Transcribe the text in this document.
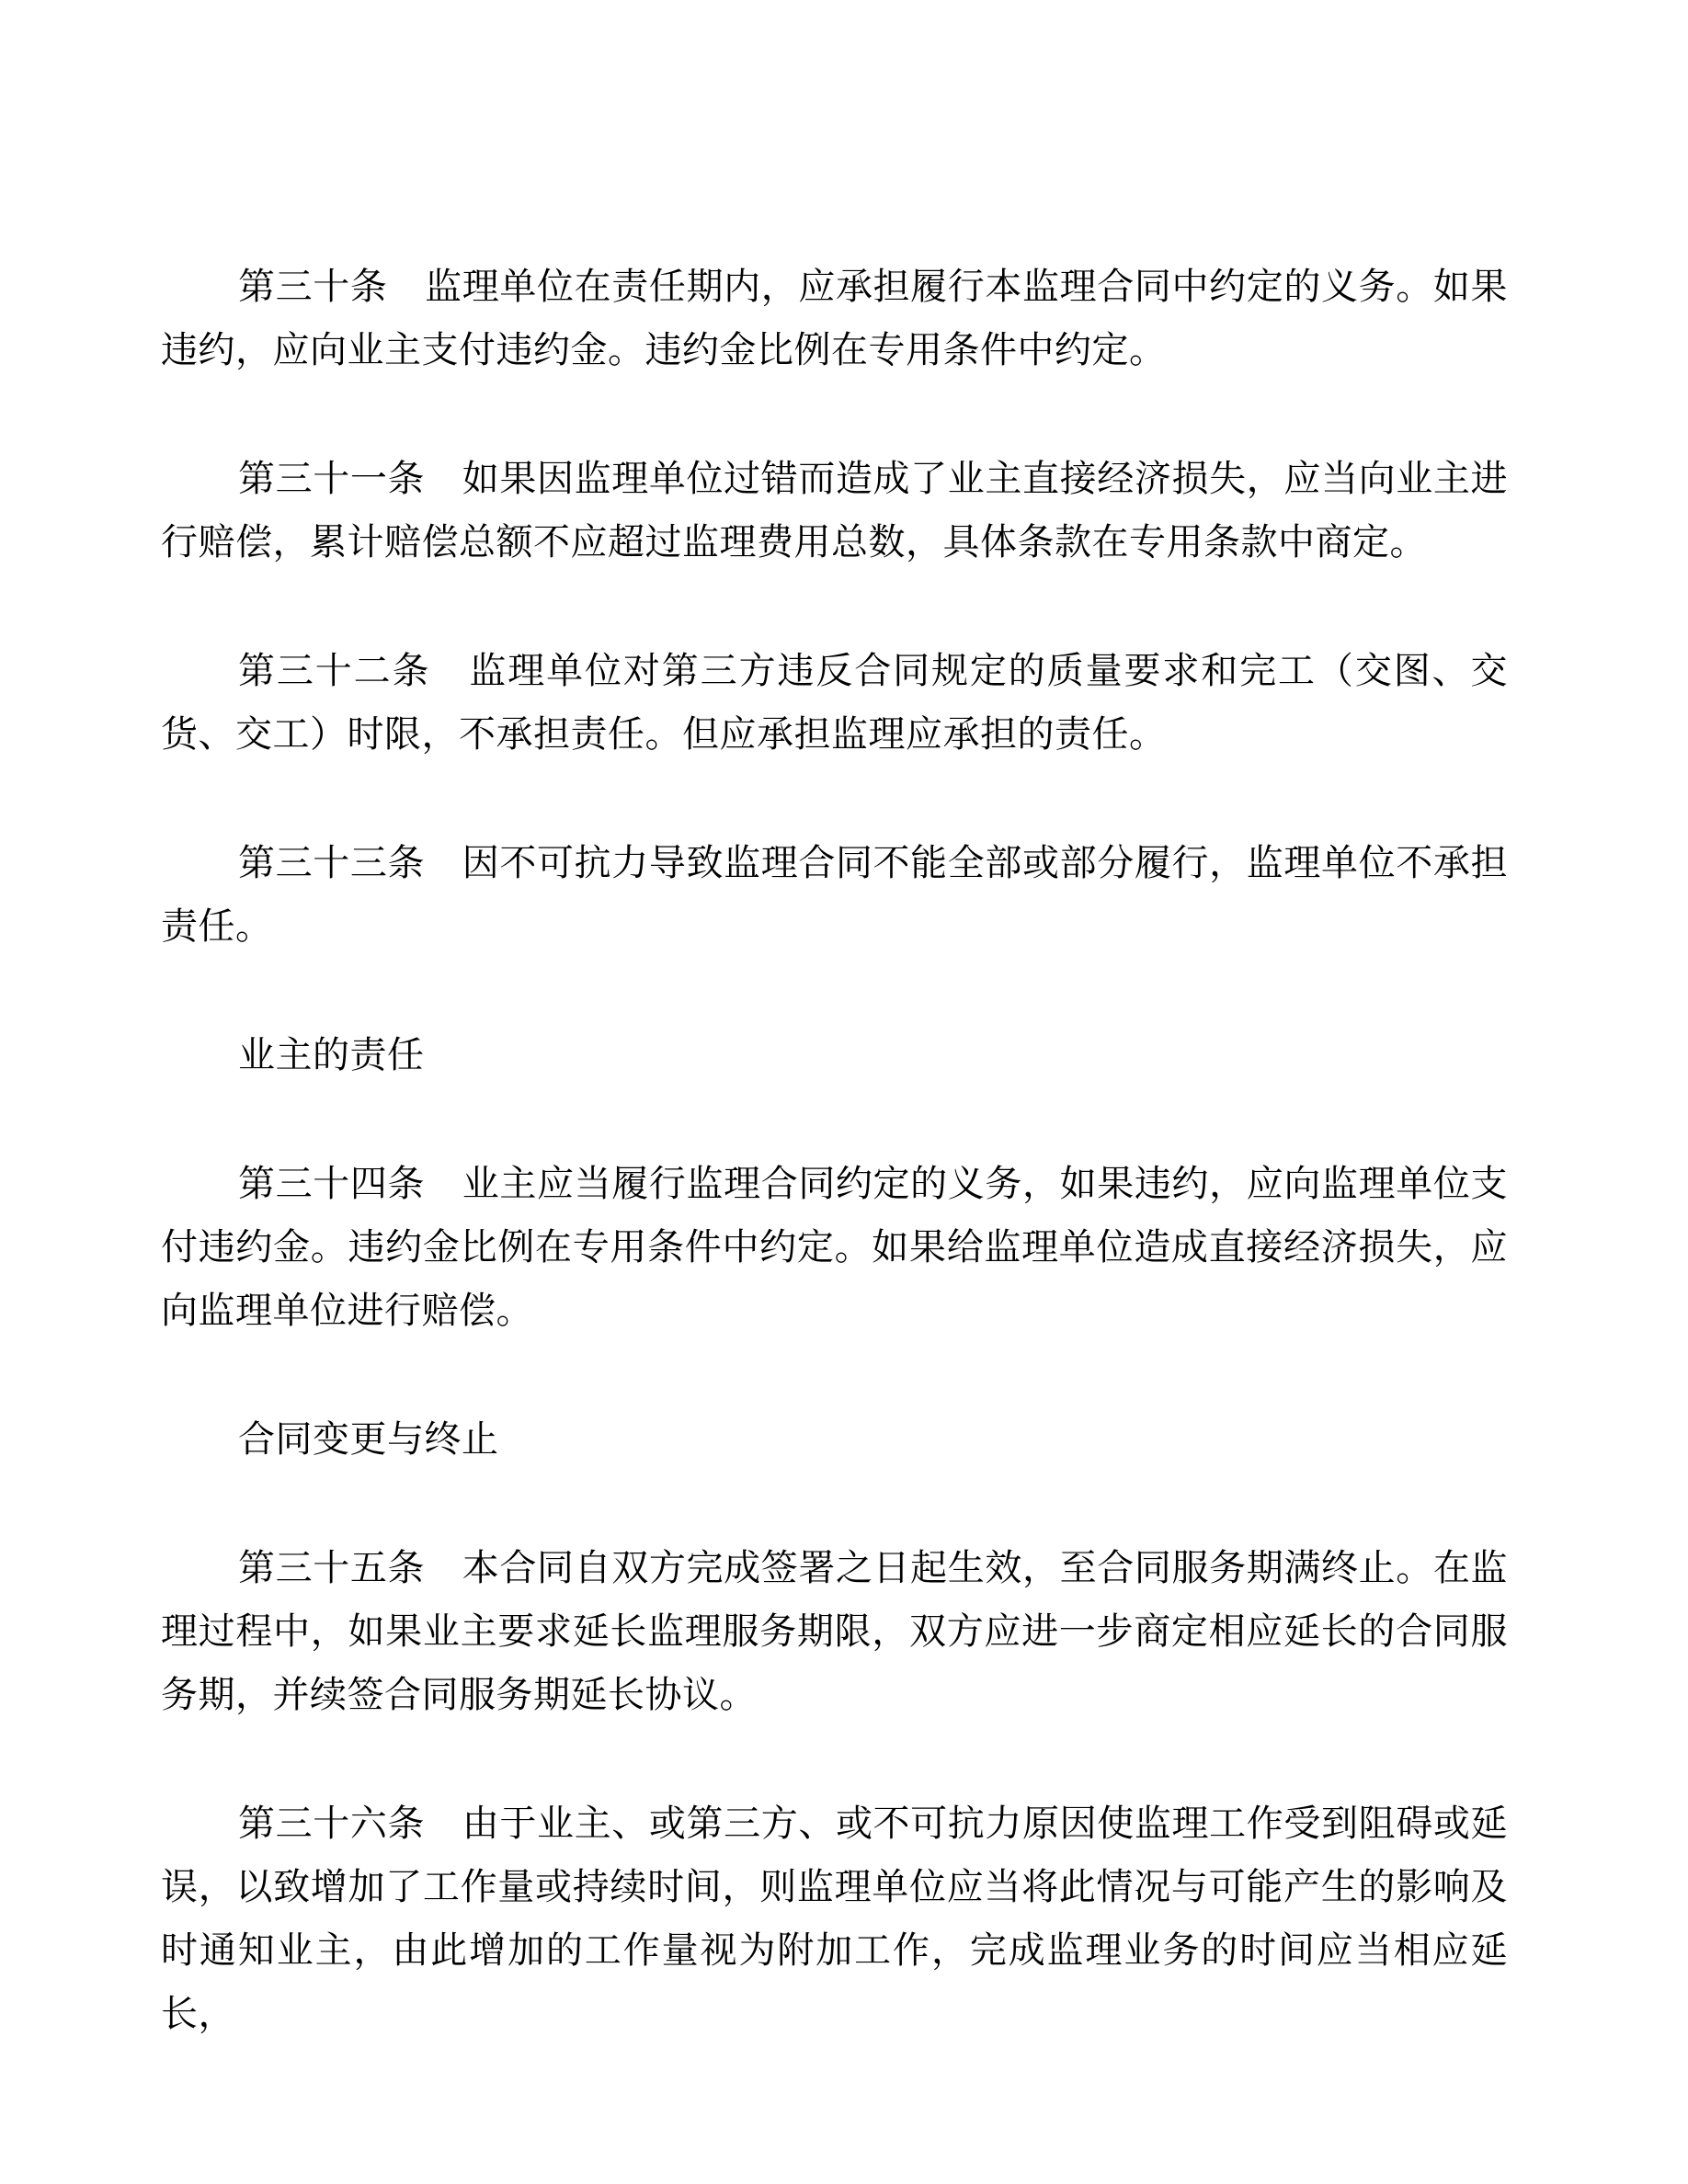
第三十条　监理单位在责任期内，应承担履行本监理合同中约定的义务。如果违约，应向业主支付违约金。违约金比例在专用条件中约定。

第三十一条　如果因监理单位过错而造成了业主直接经济损失，应当向业主进行赔偿，累计赔偿总额不应超过监理费用总数，具体条款在专用条款中商定。

第三十二条　监理单位对第三方违反合同规定的质量要求和完工（交图、交货、交工）时限，不承担责任。但应承担监理应承担的责任。

第三十三条　因不可抗力导致监理合同不能全部或部分履行，监理单位不承担责任。

业主的责任

第三十四条　业主应当履行监理合同约定的义务，如果违约，应向监理单位支付违约金。违约金比例在专用条件中约定。如果给监理单位造成直接经济损失，应向监理单位进行赔偿。

合同变更与终止

第三十五条　本合同自双方完成签署之日起生效，至合同服务期满终止。在监理过程中，如果业主要求延长监理服务期限，双方应进一步商定相应延长的合同服务期，并续签合同服务期延长协议。

第三十六条　由于业主、或第三方、或不可抗力原因使监理工作受到阻碍或延误，以致增加了工作量或持续时间，则监理单位应当将此情况与可能产生的影响及时通知业主，由此增加的工作量视为附加工作，完成监理业务的时间应当相应延长，
